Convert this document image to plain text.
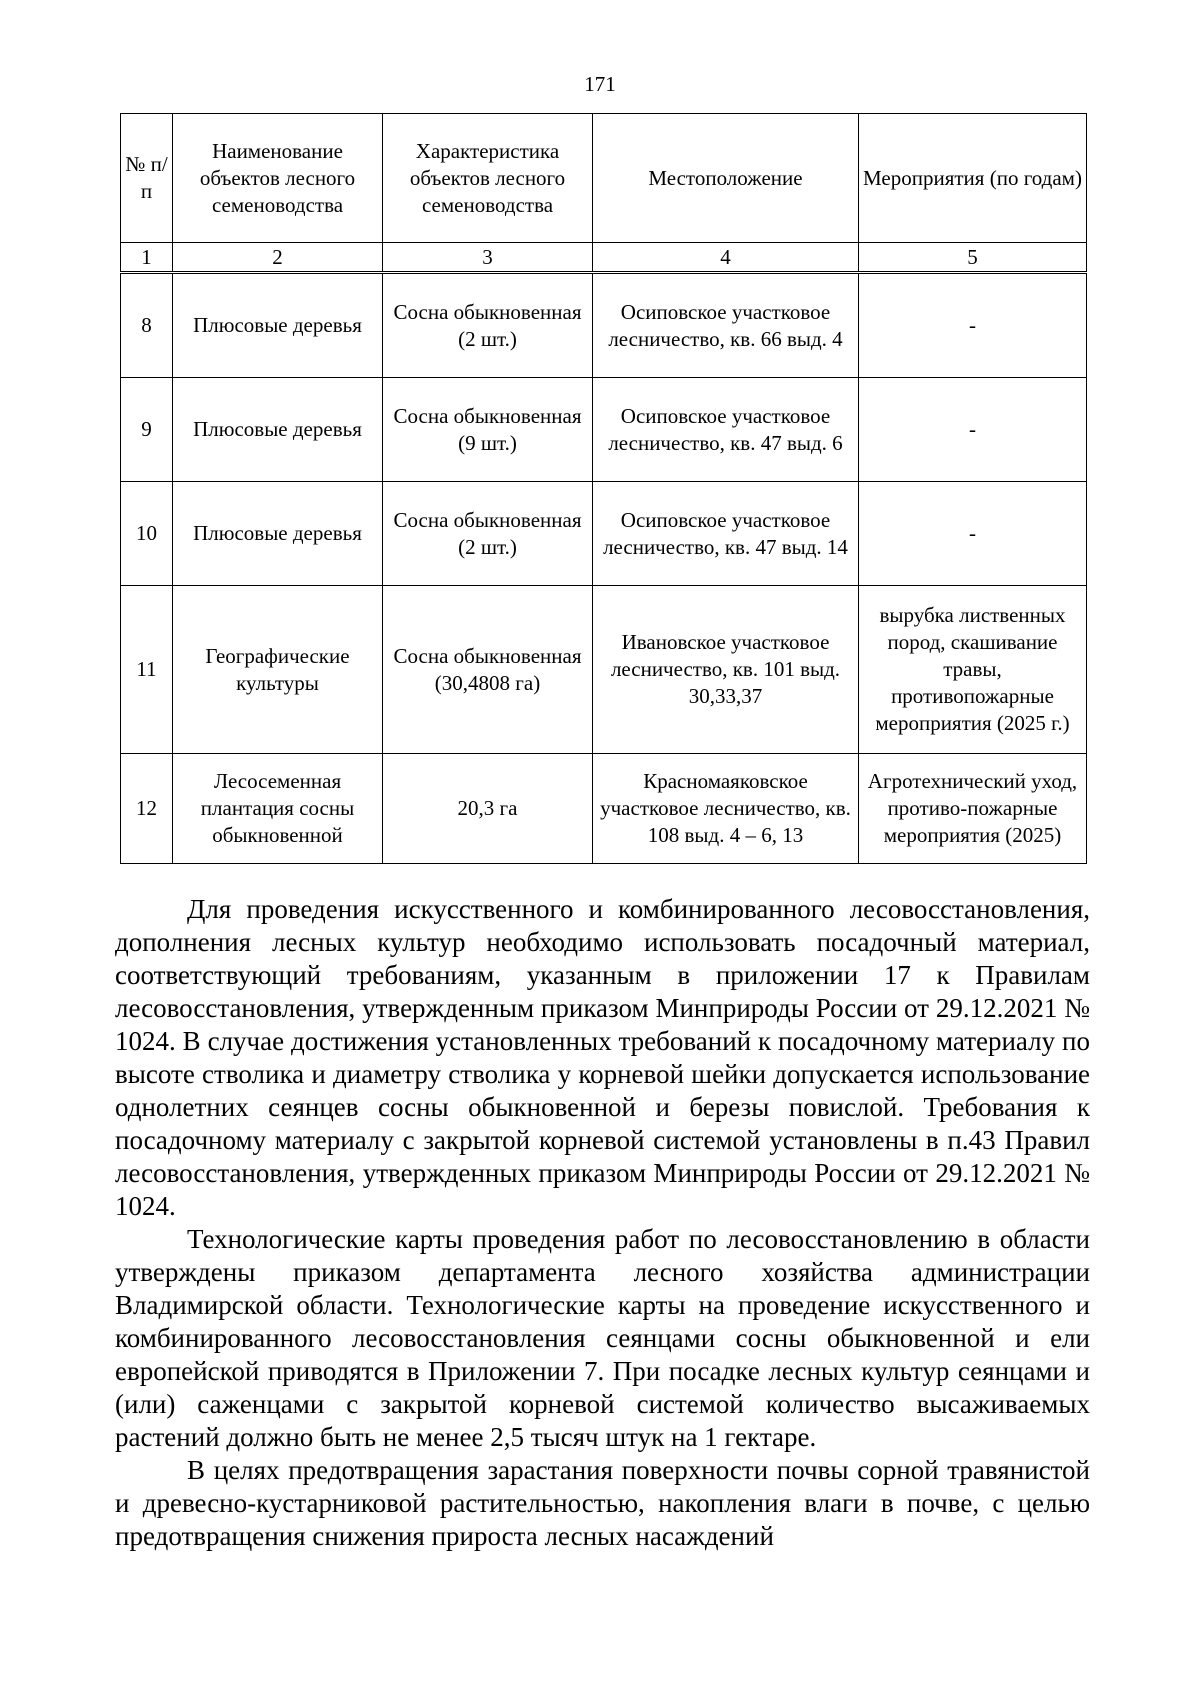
171
№ п/п	Наименование объектов лесного семеноводства	Характеристика объектов лесного семеноводства	Местоположение	Мероприятия (по годам)
1	2	3	4	5
8	Плюсовые деревья	Сосна обыкновенная (2 шт.)	Осиповское участковое лесничество, кв. 66 выд. 4	-
9	Плюсовые деревья	Сосна обыкновенная (9 шт.)	Осиповское участковое лесничество, кв. 47 выд. 6	-
10	Плюсовые деревья	Сосна обыкновенная (2 шт.)	Осиповское участковое лесничество, кв. 47 выд. 14	-
11	Географические культуры	Сосна обыкновенная (30,4808 га)	Ивановское участковое лесничество, кв. 101 выд. 30,33,37	вырубка лиственных пород, скашивание травы, противопожарные мероприятия (2025 г.)
12	Лесосеменная плантация сосны обыкновенной	20,3 га	Красномаяковское участковое лесничество, кв. 108 выд. 4 – 6, 13	Агротехнический уход, противо-пожарные мероприятия (2025)

Для проведения искусственного и комбинированного лесовосстановления, дополнения лесных культур необходимо использовать посадочный материал, соответствующий требованиям, указанным в приложении 17 к Правилам лесовосстановления, утвержденным приказом Минприроды России от 29.12.2021 № 1024. В случае достижения установленных требований к посадочному материалу по высоте стволика и диаметру стволика у корневой шейки допускается использование однолетних сеянцев сосны обыкновенной и березы повислой. Требования к посадочному материалу с закрытой корневой системой установлены в п.43 Правил лесовосстановления, утвержденных приказом Минприроды России от 29.12.2021 № 1024.

Технологические карты проведения работ по лесовосстановлению в области утверждены приказом департамента лесного хозяйства администрации Владимирской области. Технологические карты на проведение искусственного и комбинированного лесовосстановления сеянцами сосны обыкновенной и ели европейской приводятся в Приложении 7. При посадке лесных культур сеянцами и (или) саженцами с закрытой корневой системой количество высаживаемых растений должно быть не менее 2,5 тысяч штук на 1 гектаре.

В целях предотвращения зарастания поверхности почвы сорной травянистой и древесно-кустарниковой растительностью, накопления влаги в почве, с целью предотвращения снижения прироста лесных насаждений
